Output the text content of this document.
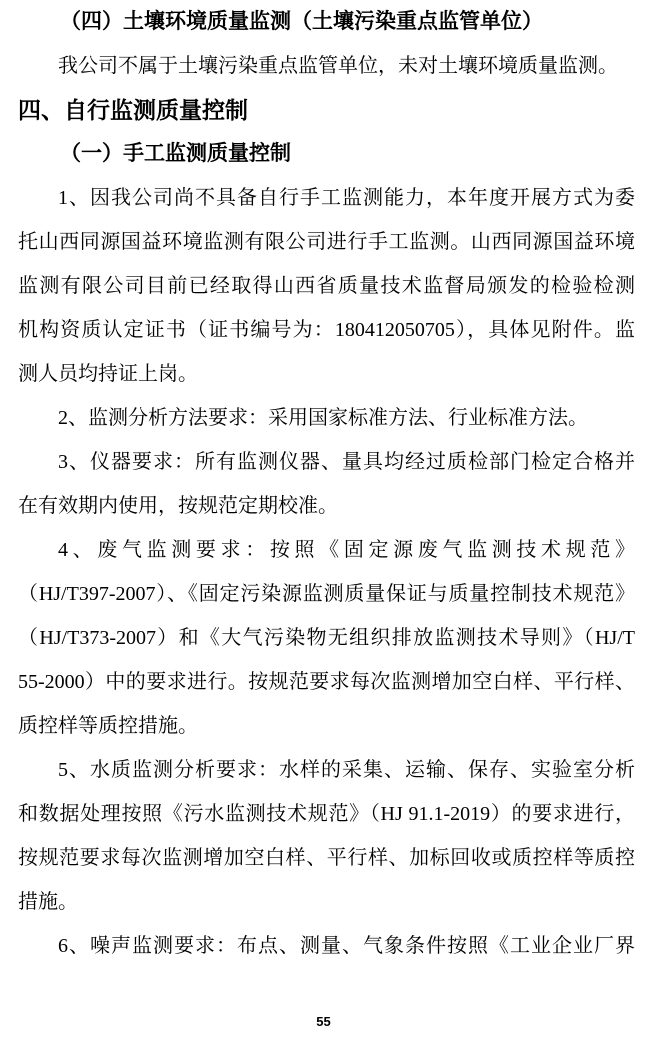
（四）土壤环境质量监测（土壤污染重点监管单位）
我公司不属于土壤污染重点监管单位，未对土壤环境质量监测。
四、自行监测质量控制
（一）手工监测质量控制
1、因我公司尚不具备自行手工监测能力，本年度开展方式为委
托山西同源国益环境监测有限公司进行手工监测。山西同源国益环境
监测有限公司目前已经取得山西省质量技术监督局颁发的检验检测
机构资质认定证书（证书编号为：180412050705），具体见附件。监
测人员均持证上岗。
2、监测分析方法要求：采用国家标准方法、行业标准方法。
3、仪器要求：所有监测仪器、量具均经过质检部门检定合格并
在有效期内使用，按规范定期校准。
4、废气监测要求：按照《固定源废气监测技术规范》
（HJ/T397-2007）、《固定污染源监测质量保证与质量控制技术规范》
（HJ/T373-2007）和《大气污染物无组织排放监测技术导则》（HJ/T
55-2000）中的要求进行。按规范要求每次监测增加空白样、平行样、
质控样等质控措施。
5、水质监测分析要求：水样的采集、运输、保存、实验室分析
和数据处理按照《污水监测技术规范》（HJ 91.1-2019）的要求进行，
按规范要求每次监测增加空白样、平行样、加标回收或质控样等质控
措施。
6、噪声监测要求：布点、测量、气象条件按照《工业企业厂界
55
